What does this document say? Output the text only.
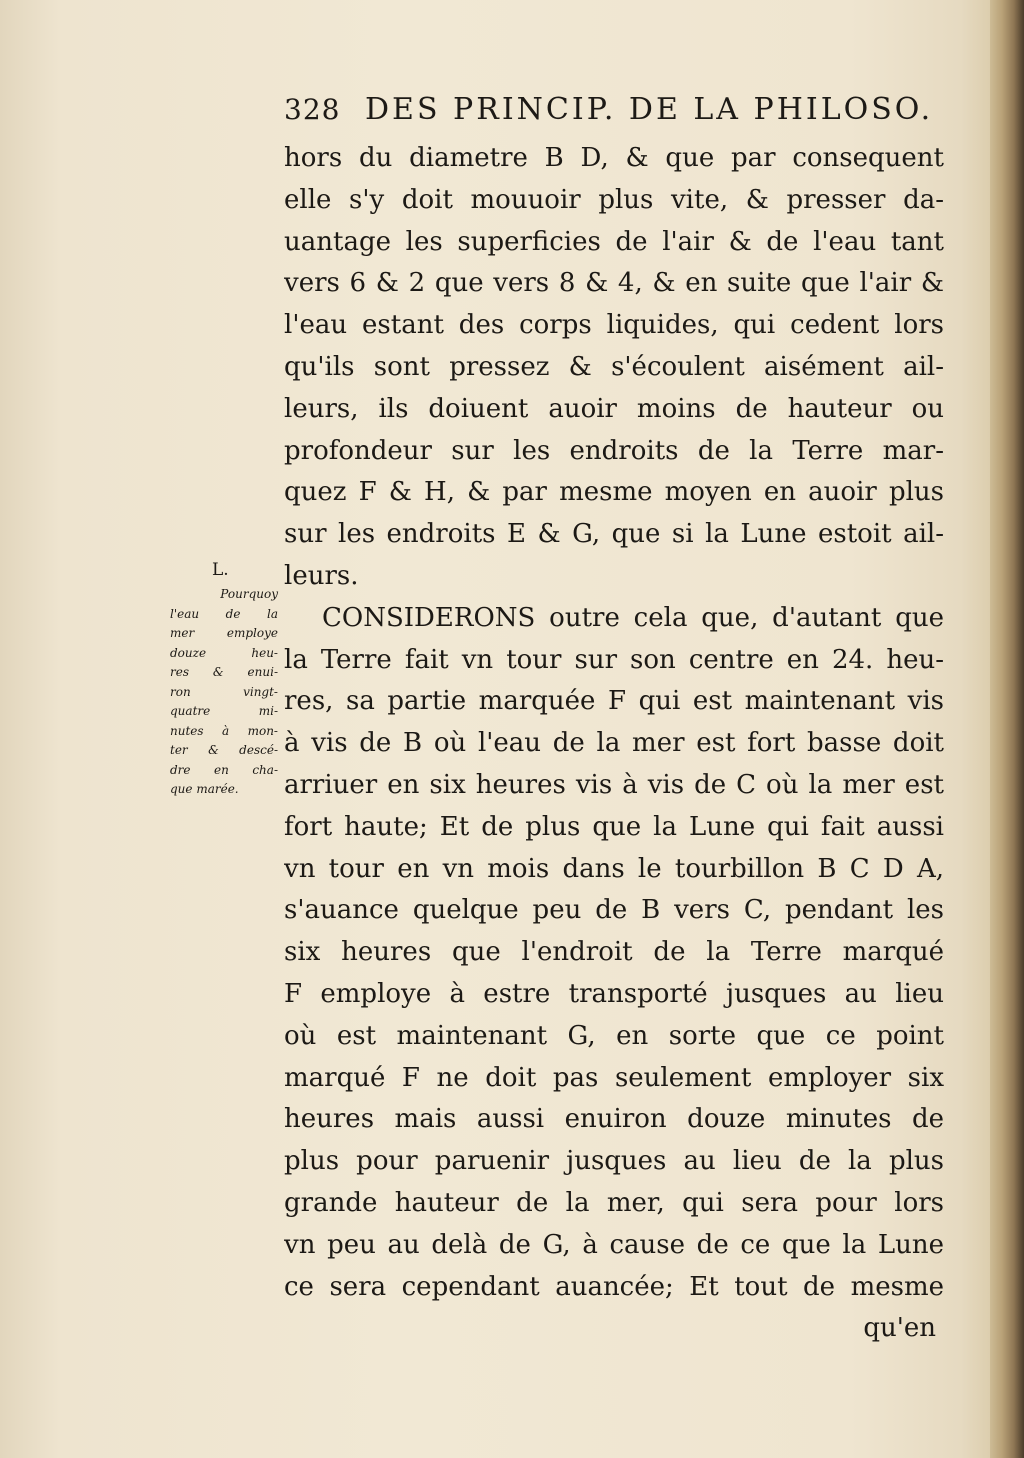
328 DES PRINCIP. DE LA PHILOSO.
L.
Pourquoy
l'eau de la
mer employe
douze heu-
res & enui-
ron vingt-
quatre mi-
nutes à mon-
ter & descé-
dre en cha-
que marée.
hors du diametre B D, & que par consequent
elle s'y doit mouuoir plus vite, & presser da-
uantage les superficies de l'air & de l'eau tant
vers 6 & 2 que vers 8 & 4, & en suite que l'air &
l'eau estant des corps liquides, qui cedent lors
qu'ils sont pressez & s'écoulent aisément ail-
leurs, ils doiuent auoir moins de hauteur ou
profondeur sur les endroits de la Terre mar-
quez F & H, & par mesme moyen en auoir plus
sur les endroits E & G, que si la Lune estoit ail-
leurs.
CONSIDERONS outre cela que, d'autant que
la Terre fait vn tour sur son centre en 24. heu-
res, sa partie marquée F qui est maintenant vis
à vis de B où l'eau de la mer est fort basse doit
arriuer en six heures vis à vis de C où la mer est
fort haute; Et de plus que la Lune qui fait aussi
vn tour en vn mois dans le tourbillon B C D A,
s'auance quelque peu de B vers C, pendant les
six heures que l'endroit de la Terre marqué
F employe à estre transporté jusques au lieu
où est maintenant G, en sorte que ce point
marqué F ne doit pas seulement employer six
heures mais aussi enuiron douze minutes de
plus pour paruenir jusques au lieu de la plus
grande hauteur de la mer, qui sera pour lors
vn peu au delà de G, à cause de ce que la Lune
ce sera cependant auancée; Et tout de mesme
qu'en
